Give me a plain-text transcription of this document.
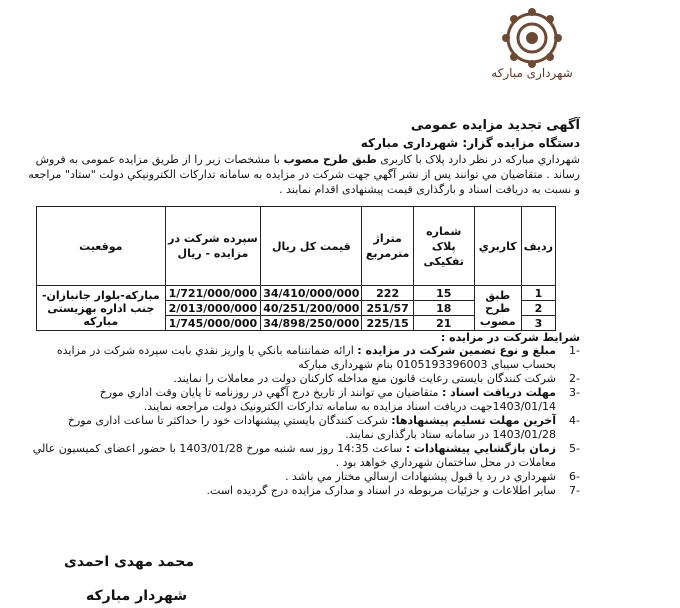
شهرداری مبارکه
آگهی تجدید مزایده عمومی
دستگاه مزایده گزار: شهرداری مبارکه
شهرداري مبارکه در نظر دارد پلاک با کاربری طبق طرح مصوب با مشخصات زیر را از طریق مزایده عمومی به فروش رساند . متقاضیان مي توانند پس از نشر آگهي جهت شرکت در مزایده به سامانه تدارکات الکترونیکي دولت "ستاد" مراجعه و نسبت به دریافت اسناد و بارگذاری قیمت پیشنهادی اقدام نمایند .
ردیف	کاربري	شماره پلاک تفکیکی	متراژ مترمربع	قیمت کل ریال	سپرده شرکت در مزایده - ریال	موقعیت
1	طبق طرح مصوب	15	222	34/410/000/000	1/721/000/000	مبارکه-بلوار جانبازان-جنب اداره بهزیستی مبارکه
2		18	251/57	40/251/200/000	2/013/000/000	
3		21	225/15	34/898/250/000	1/745/000/000	
شرایط شرکت در مزایده :
-1
مبلغ و نوع تضمین شرکت در مزایده : ارائه ضمانتنامه بانکي یا واریز نقدي بابت سپرده شرکت در مزایده بحساب سیبای 0105193396003 بنام شهرداری مبارکه
-2
شرکت کنندگان بایستی رعایت قانون منع مداخله کارکنان دولت در معاملات را نمایند.
-3
مهلت دریافت اسناد : متقاضیان مي توانند از تاریخ درج آگهي در روزنامه تا پایان وقت اداري مورخ 1403/01/14جهت دریافت اسناد مزایده به سامانه تدارکات الکترونیک دولت مراجعه نمایند.
-4
آخرین مهلت تسلیم پیشنهادها: شرکت کنندگان بایستي پیشنهادات خود را حداکثر تا ساعت اداری مورخ 1403/01/28 در سامانه ستاد بارگذاری نمایند.
-5
زمان بازگشایي پیشنهادات : ساعت 14:35 روز سه شنبه مورخ 1403/01/28 با حضور اعضای کمیسیون عالي معاملات در محل ساختمان شهرداري خواهد بود .
-6
شهرداري در رد یا قبول پیشنهادات ارسالي مختار مي باشد .
-7
سایر اطلاعات و جزئیات مربوطه در اسناد و مدارک مزایده درج گردیده است.
محمد مهدی احمدی
شهردار مبارکه
